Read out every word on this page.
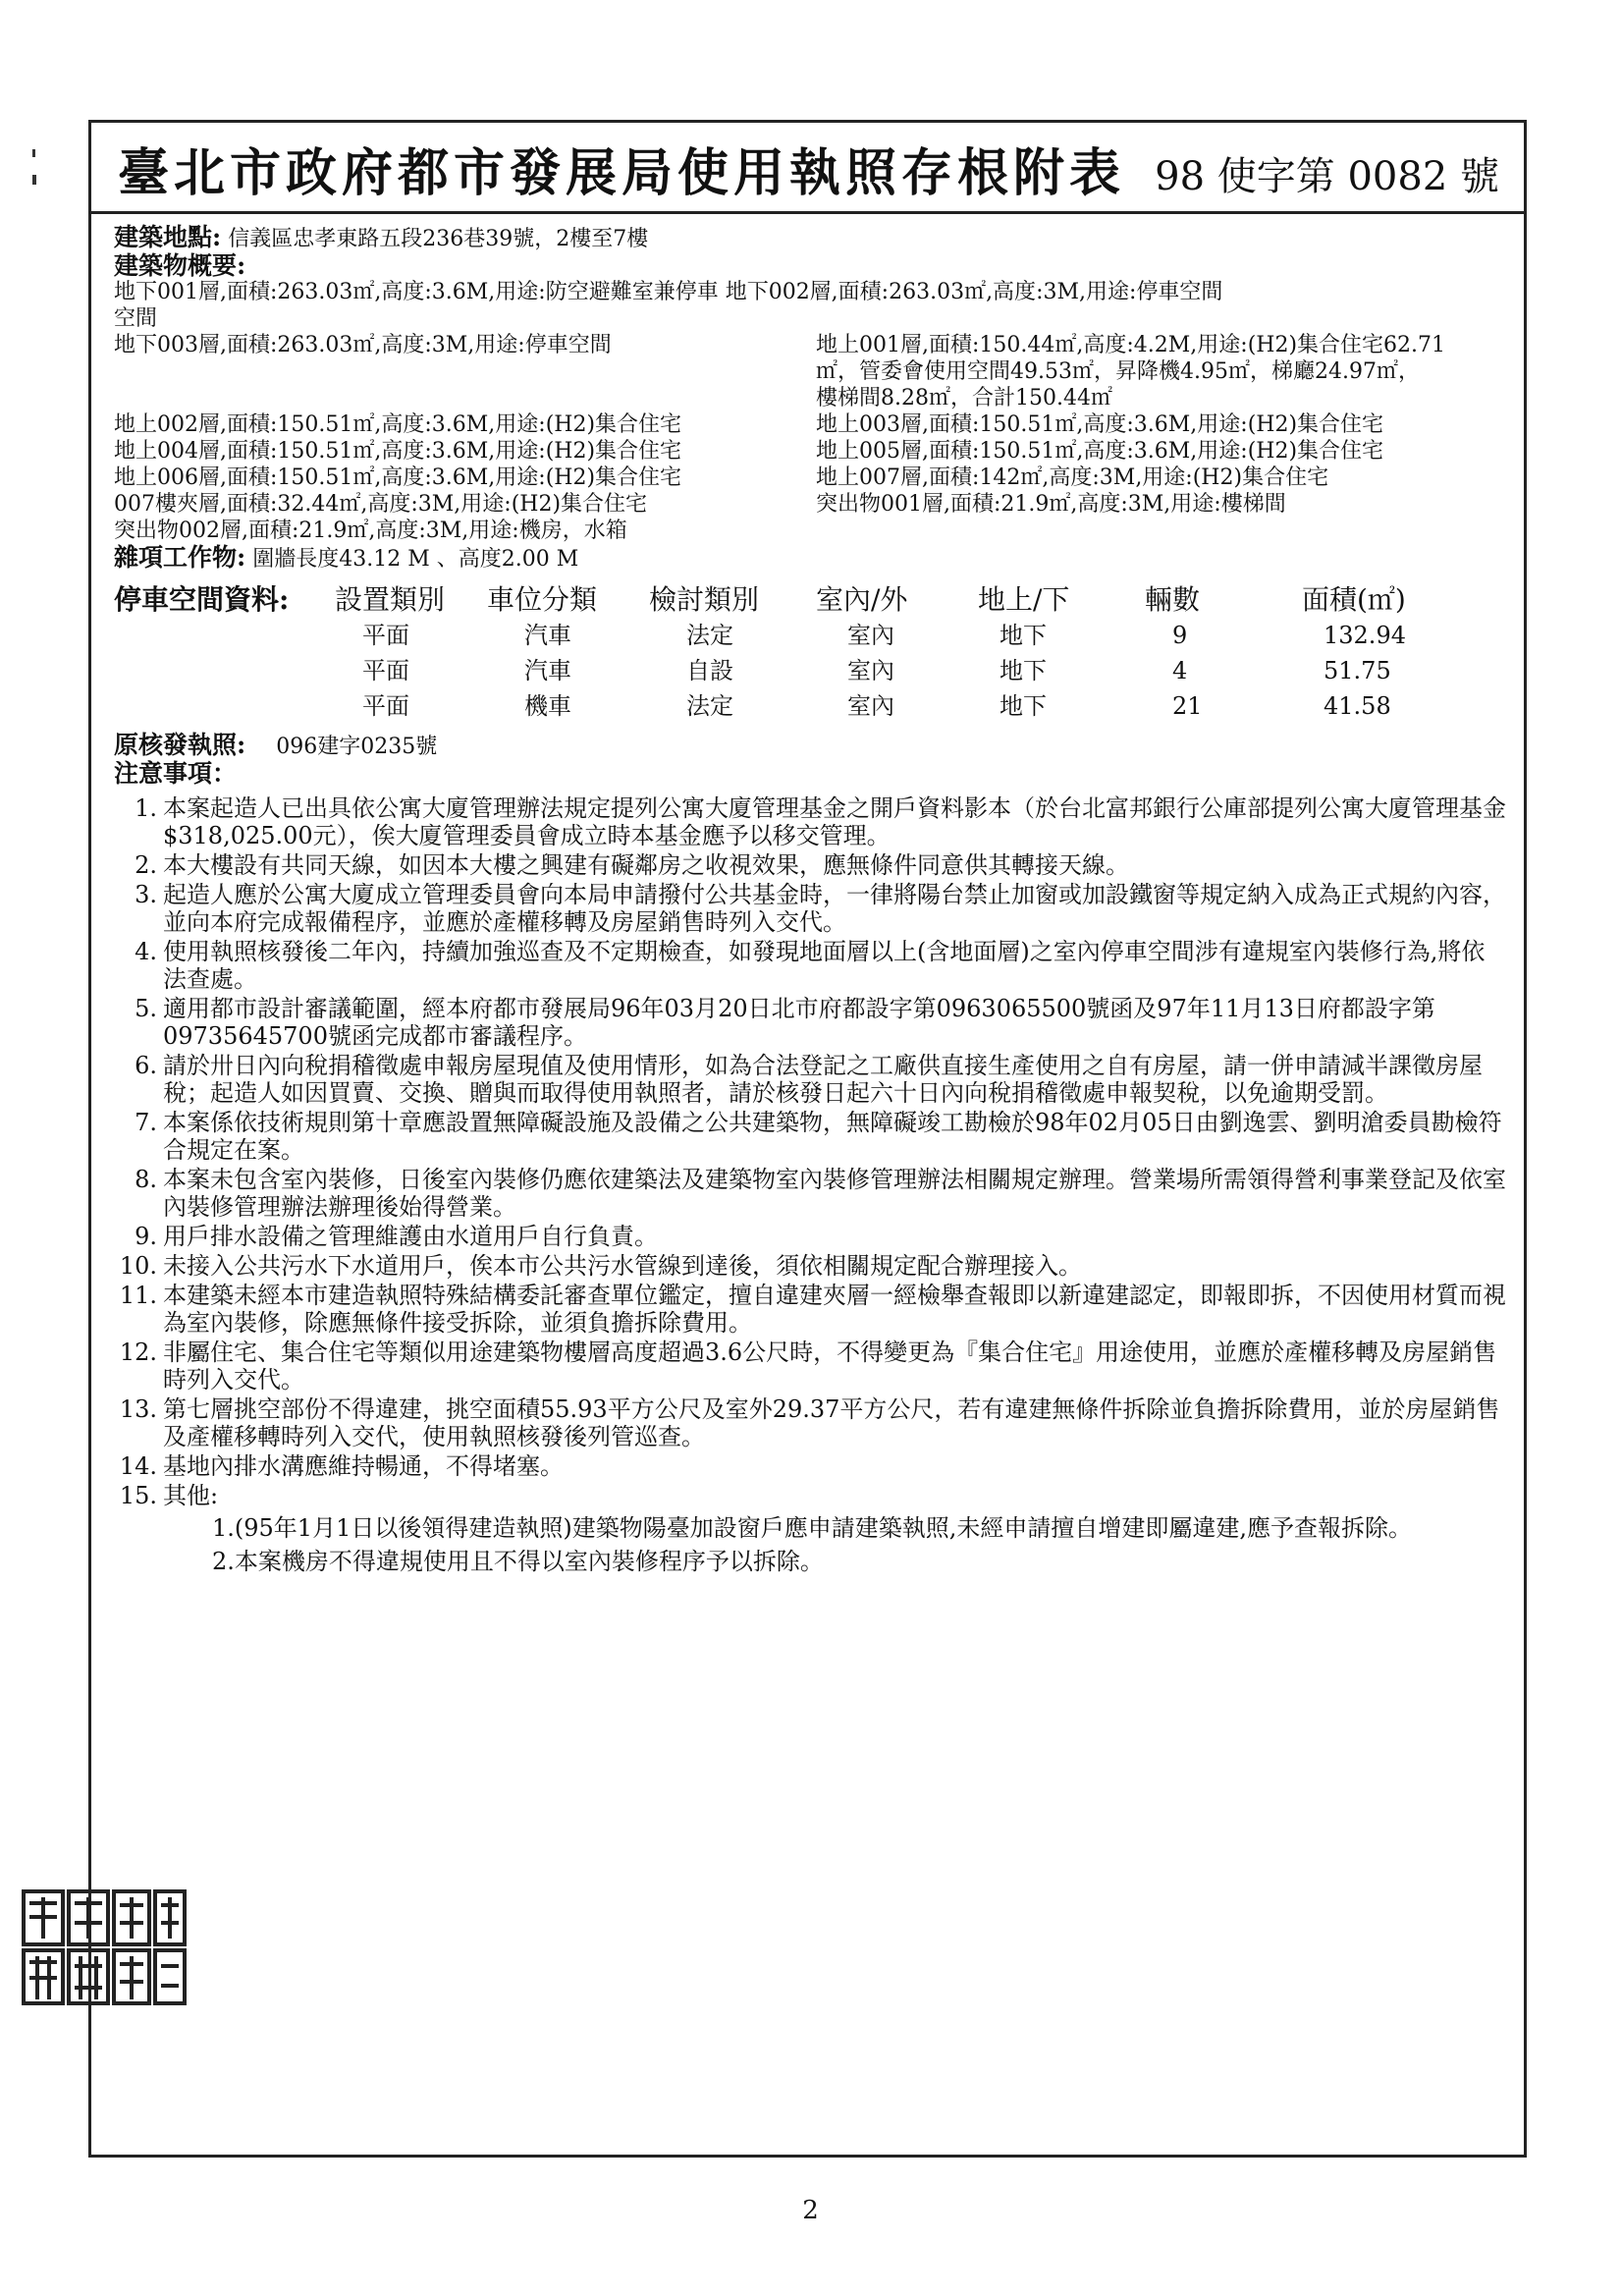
臺北市政府都市發展局使用執照存根附表 98 使字第 0082 號
建築地點: 信義區忠孝東路五段236巷39號，2樓至7樓
建築物概要:
地下001層,面積:263.03㎡,高度:3.6M,用途:防空避難室兼停車 地下002層,面積:263.03㎡,高度:3M,用途:停車空間
空間
地下003層,面積:263.03㎡,高度:3M,用途:停車空間	地上001層,面積:150.44㎡,高度:4.2M,用途:(H2)集合住宅62.71
㎡，管委會使用空間49.53㎡，昇降機4.95㎡，梯廳24.97㎡，
樓梯間8.28㎡，合計150.44㎡
地上002層,面積:150.51㎡,高度:3.6M,用途:(H2)集合住宅
地上004層,面積:150.51㎡,高度:3.6M,用途:(H2)集合住宅
地上006層,面積:150.51㎡,高度:3.6M,用途:(H2)集合住宅
007樓夾層,面積:32.44㎡,高度:3M,用途:(H2)集合住宅
突出物002層,面積:21.9㎡,高度:3M,用途:機房，水箱
地上003層,面積:150.51㎡,高度:3.6M,用途:(H2)集合住宅
地上005層,面積:150.51㎡,高度:3.6M,用途:(H2)集合住宅
地上007層,面積:142㎡,高度:3M,用途:(H2)集合住宅
突出物001層,面積:21.9㎡,高度:3M,用途:樓梯間
雜項工作物: 圍牆長度43.12 M 、高度2.00 M
停車空間資料:	設置類別	車位分類	檢討類別	室內/外	地上/下	輛數	面積(㎡)
平面	汽車	法定	室內	地下	9	132.94
平面	汽車	自設	室內	地下	4	51.75
平面	機車	法定	室內	地下	21	41.58
原核發執照: 096建字0235號
注意事項：
1. 本案起造人已出具依公寓大廈管理辦法規定提列公寓大廈管理基金之開戶資料影本（於台北富邦銀行公庫部提列公寓大廈管理基金$318,025.00元），俟大廈管理委員會成立時本基金應予以移交管理。
2. 本大樓設有共同天線，如因本大樓之興建有礙鄰房之收視效果，應無條件同意供其轉接天線。
3. 起造人應於公寓大廈成立管理委員會向本局申請撥付公共基金時，一律將陽台禁止加窗或加設鐵窗等規定納入成為正式規約內容，並向本府完成報備程序，並應於產權移轉及房屋銷售時列入交代。
4. 使用執照核發後二年內，持續加強巡查及不定期檢查，如發現地面層以上(含地面層)之室內停車空間涉有違規室內裝修行為,將依法查處。
5. 適用都市設計審議範圍，經本府都市發展局96年03月20日北市府都設字第0963065500號函及97年11月13日府都設字第09735645700號函完成都市審議程序。
6. 請於卅日內向稅捐稽徵處申報房屋現值及使用情形，如為合法登記之工廠供直接生產使用之自有房屋，請一併申請減半課徵房屋稅；起造人如因買賣、交換、贈與而取得使用執照者，請於核發日起六十日內向稅捐稽徵處申報契稅，以免逾期受罰。
7. 本案係依技術規則第十章應設置無障礙設施及設備之公共建築物，無障礙竣工勘檢於98年02月05日由劉逸雲、劉明滄委員勘檢符合規定在案。
8. 本案未包含室內裝修，日後室內裝修仍應依建築法及建築物室內裝修管理辦法相關規定辦理。營業場所需領得營利事業登記及依室內裝修管理辦法辦理後始得營業。
9. 用戶排水設備之管理維護由水道用戶自行負責。
10. 未接入公共污水下水道用戶，俟本市公共污水管線到達後，須依相關規定配合辦理接入。
11. 本建築未經本市建造執照特殊結構委託審查單位鑑定，擅自違建夾層一經檢舉查報即以新違建認定，即報即拆，不因使用材質而視為室內裝修，除應無條件接受拆除，並須負擔拆除費用。
12. 非屬住宅、集合住宅等類似用途建築物樓層高度超過3.6公尺時，不得變更為『集合住宅』用途使用，並應於產權移轉及房屋銷售時列入交代。
13. 第七層挑空部份不得違建，挑空面積55.93平方公尺及室外29.37平方公尺，若有違建無條件拆除並負擔拆除費用，並於房屋銷售及產權移轉時列入交代，使用執照核發後列管巡查。
14. 基地內排水溝應維持暢通，不得堵塞。
15. 其他:
1.(95年1月1日以後領得建造執照)建築物陽臺加設窗戶應申請建築執照,未經申請擅自增建即屬違建,應予查報拆除。
2.本案機房不得違規使用且不得以室內裝修程序予以拆除。
2
